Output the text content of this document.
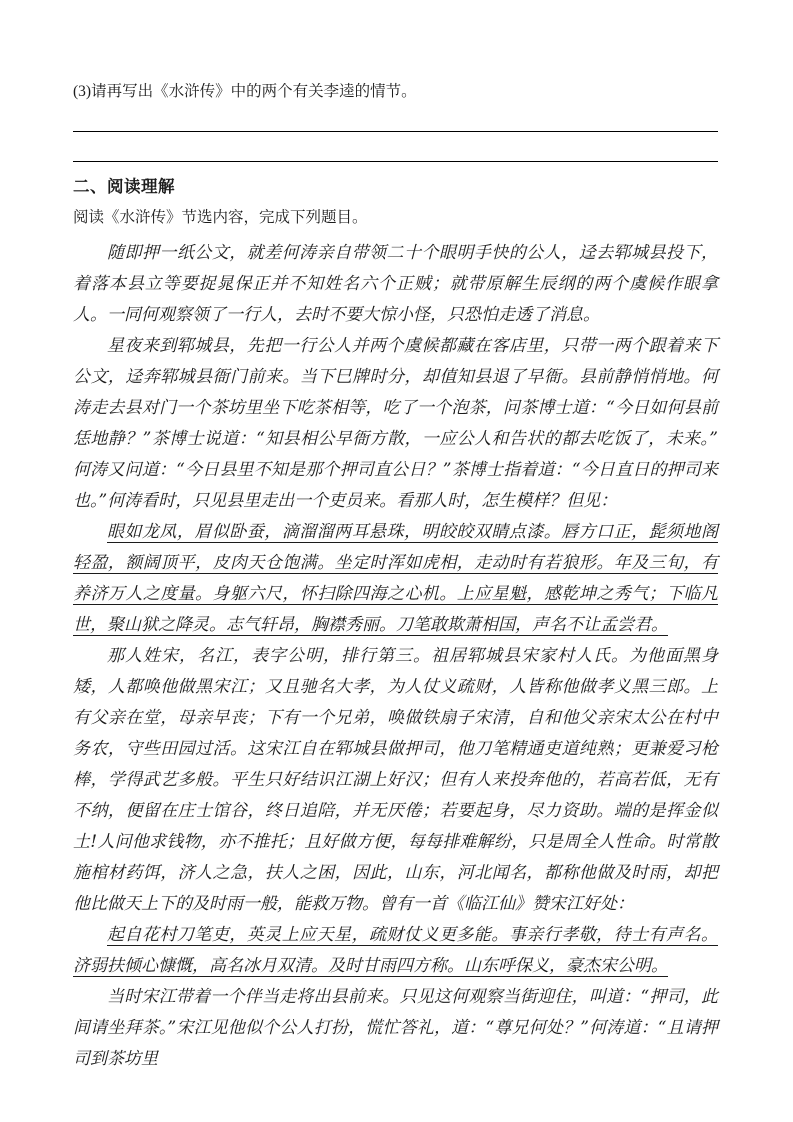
(3)请再写出《水浒传》中的两个有关李逵的情节。

二、阅读理解

阅读《水浒传》节选内容，完成下列题目。

随即押一纸公文，就差何涛亲自带领二十个眼明手快的公人，迳去郓城县投下，着落本县立等要捉晁保正并不知姓名六个正贼；就带原解生辰纲的两个虞候作眼拿人。一同何观察领了一行人，去时不要大惊小怪，只恐怕走透了消息。

星夜来到郓城县，先把一行公人并两个虞候都藏在客店里，只带一两个跟着来下公文，迳奔郓城县衙门前来。当下巳牌时分，却值知县退了早衙。县前静悄悄地。何涛走去县对门一个茶坊里坐下吃茶相等，吃了一个泡茶，问茶博士道：“今日如何县前恁地静？”茶博士说道：“知县相公早衙方散，一应公人和告状的都去吃饭了，未来。”何涛又问道：“今日县里不知是那个押司直公日？”茶博士指着道：“今日直日的押司来也。”何涛看时，只见县里走出一个吏员来。看那人时，怎生模样？但见：

眼如龙凤，眉似卧蚕，滴溜溜两耳悬珠，明皎皎双睛点漆。唇方口正，髭须地阁轻盈，额阔顶平，皮肉天仓饱满。坐定时浑如虎相，走动时有若狼形。年及三旬，有养济万人之度量。身躯六尺，怀扫除四海之心机。上应星魁，感乾坤之秀气；下临凡世，聚山狱之降灵。志气轩昂，胸襟秀丽。刀笔敢欺萧相国，声名不让孟尝君。

那人姓宋，名江，表字公明，排行第三。祖居郓城县宋家村人氏。为他面黑身矮，人都唤他做黑宋江；又且驰名大孝，为人仗义疏财，人皆称他做孝义黑三郎。上有父亲在堂，母亲早丧；下有一个兄弟，唤做铁扇子宋清，自和他父亲宋太公在村中务农，守些田园过活。这宋江自在郓城县做押司，他刀笔精通吏道纯熟；更兼爱习枪棒，学得武艺多般。平生只好结识江湖上好汉；但有人来投奔他的，若高若低，无有不纳，便留在庄士馆谷，终日追陪，并无厌倦；若要起身，尽力资助。端的是挥金似土!人问他求钱物，亦不推托；且好做方便，每每排难解纷，只是周全人性命。时常散施棺材药饵，济人之急，扶人之困，因此，山东，河北闻名，都称他做及时雨，却把他比做天上下的及时雨一般，能救万物。曾有一首《临江仙》赞宋江好处：

起自花村刀笔吏，英灵上应天星，疏财仗义更多能。事亲行孝敬，待士有声名。济弱扶倾心慷慨，高名冰月双清。及时甘雨四方称。山东呼保义，豪杰宋公明。

当时宋江带着一个伴当走将出县前来。只见这何观察当街迎住，叫道：“押司，此间请坐拜茶。”宋江见他似个公人打扮，慌忙答礼，道：“尊兄何处？”何涛道：“且请押司到茶坊里
